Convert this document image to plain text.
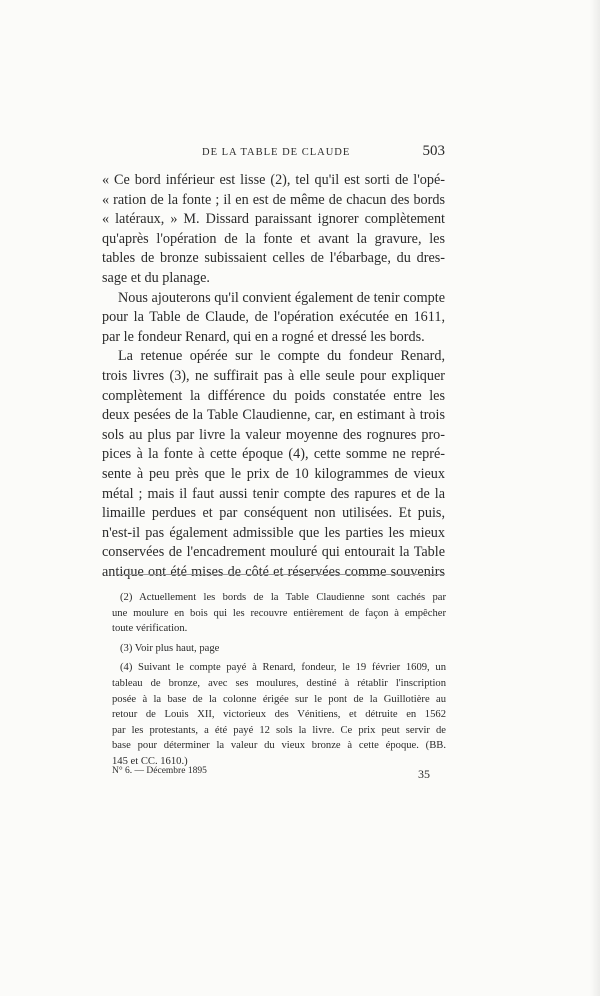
DE LA TABLE DE CLAUDE	503

« Ce bord inférieur est lisse (2), tel qu'il est sorti de l'opé-
« ration de la fonte ; il en est de même de chacun des bords
« latéraux, » M. Dissard paraissant ignorer complètement
qu'après l'opération de la fonte et avant la gravure, les
tables de bronze subissaient celles de l'ébarbage, du dres-
sage et du planage.

Nous ajouterons qu'il convient également de tenir compte
pour la Table de Claude, de l'opération exécutée en 1611,
par le fondeur Renard, qui en a rogné et dressé les bords.

La retenue opérée sur le compte du fondeur Renard,
trois livres (3), ne suffirait pas à elle seule pour expliquer
complètement la différence du poids constatée entre les
deux pesées de la Table Claudienne, car, en estimant à trois
sols au plus par livre la valeur moyenne des rognures pro-
pices à la fonte à cette époque (4), cette somme ne repré-
sente à peu près que le prix de 10 kilogrammes de vieux
métal ; mais il faut aussi tenir compte des rapures et de la
limaille perdues et par conséquent non utilisées. Et puis,
n'est-il pas également admissible que les parties les mieux
conservées de l'encadrement mouluré qui entourait la Table
antique ont été mises de côté et réservées comme souvenirs

(2) Actuellement les bords de la Table Claudienne sont cachés par
une moulure en bois qui les recouvre entièrement de façon à empêcher
toute vérification.
(3) Voir plus haut, page
(4) Suivant le compte payé à Renard, fondeur, le 19 février 1609, un
tableau de bronze, avec ses moulures, destiné à rétablir l'inscription
posée à la base de la colonne érigée sur le pont de la Guillotière au
retour de Louis XII, victorieux des Vénitiens, et détruite en 1562
par les protestants, a été payé 12 sols la livre. Ce prix peut servir de
base pour déterminer la valeur du vieux bronze à cette époque. (BB.
145 et CC. 1610.)
N° 6. — Décembre 1895	35
